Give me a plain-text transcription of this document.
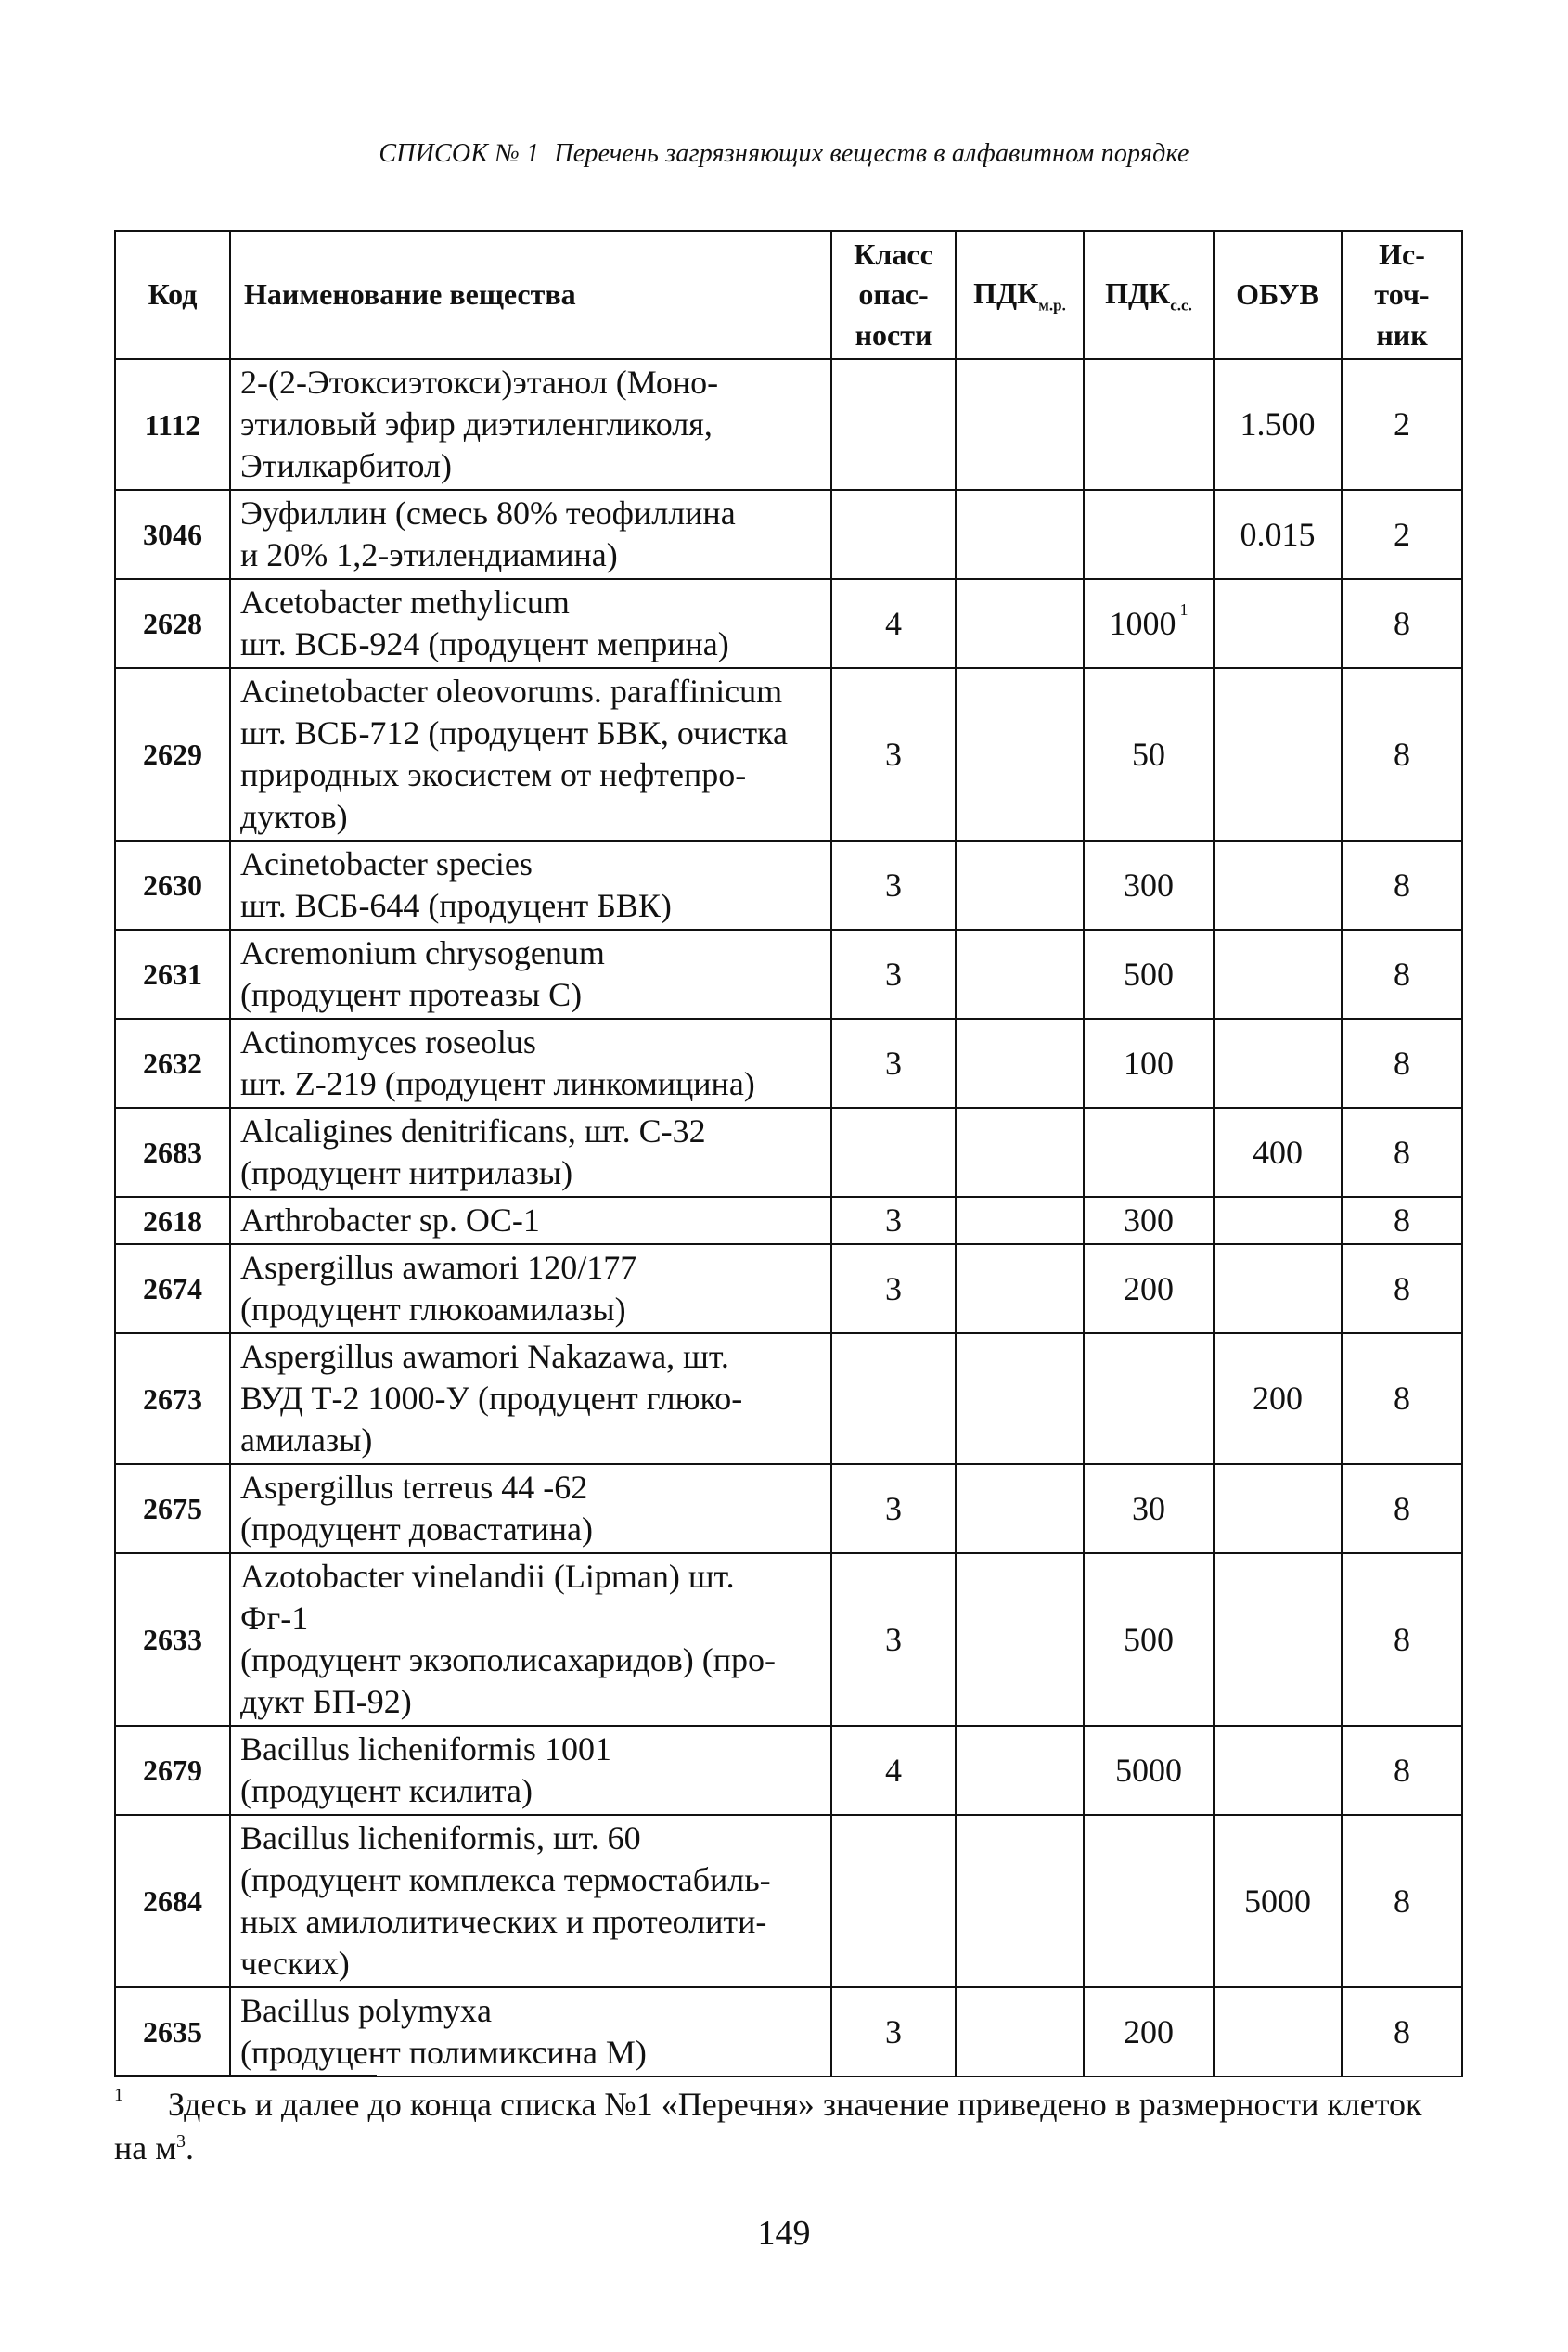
СПИСОК № 1 Перечень загрязняющих веществ в алфавитном порядке
Код	Наименование вещества	Класс
опас-
ности	$ПДК_{м.р.}$	$ПДК_{с.с.}$	ОБУВ	Ис-
точ-
ник
1112	2-(2-Этоксиэтокси)этанол (Моно-
этиловый эфир диэтиленгликоля,
Этилкарбитол)				1.500	2
3046	Эуфиллин (смесь 80% теофиллина
и 20% 1,2-этилендиамина)				0.015	2
2628	Acetobacter methylicum
шт. ВСБ-924 (продуцент меприна)	4		1000 $^1$		8
2629	Acinetobacter oleovorums. paraffinicum
шт. ВСБ-712 (продуцент БВК, очистка
природных экосистем от нефтепро-
дуктов)	3		50		8
2630	Acinetobacter species
шт. ВСБ-644 (продуцент БВК)	3		300		8
2631	Acremonium chrysogenum
(продуцент протеазы С)	3		500		8
2632	Actinomyces roseolus
шт. Z-219 (продуцент линкомицина)	3		100		8
2683	Alcaligines denitrificans, шт. С-32
(продуцент нитрилазы)				400	8
2618	Arthrobacter sp. OC-1	3		300		8
2674	Aspergillus awamori 120/177
(продуцент глюкоамилазы)	3		200		8
2673	Aspergillus awamori Nakazawa, шт.
ВУД Т-2 1000-У (продуцент глюко-
амилазы)				200	8
2675	Aspergillus terreus 44 -62
(продуцент довастатина)	3		30		8
2633	Azotobacter vinelandii (Lipman) шт.
Фг-1
(продуцент экзополисахаридов) (про-
дукт БП-92)	3		500		8
2679	Bacillus licheniformis 1001
(продуцент ксилита)	4		5000		8
2684	Bacillus licheniformis, шт. 60
(продуцент комплекса термостабиль-
ных амилолитических и протеолити-
ческих)				5000	8
2635	Bacillus polymyxa
(продуцент полимиксина М)	3		200		8
$^1$ Здесь и далее до конца списка №1 «Перечня» значение приведено в размерности клеток на $м^3$.
149
